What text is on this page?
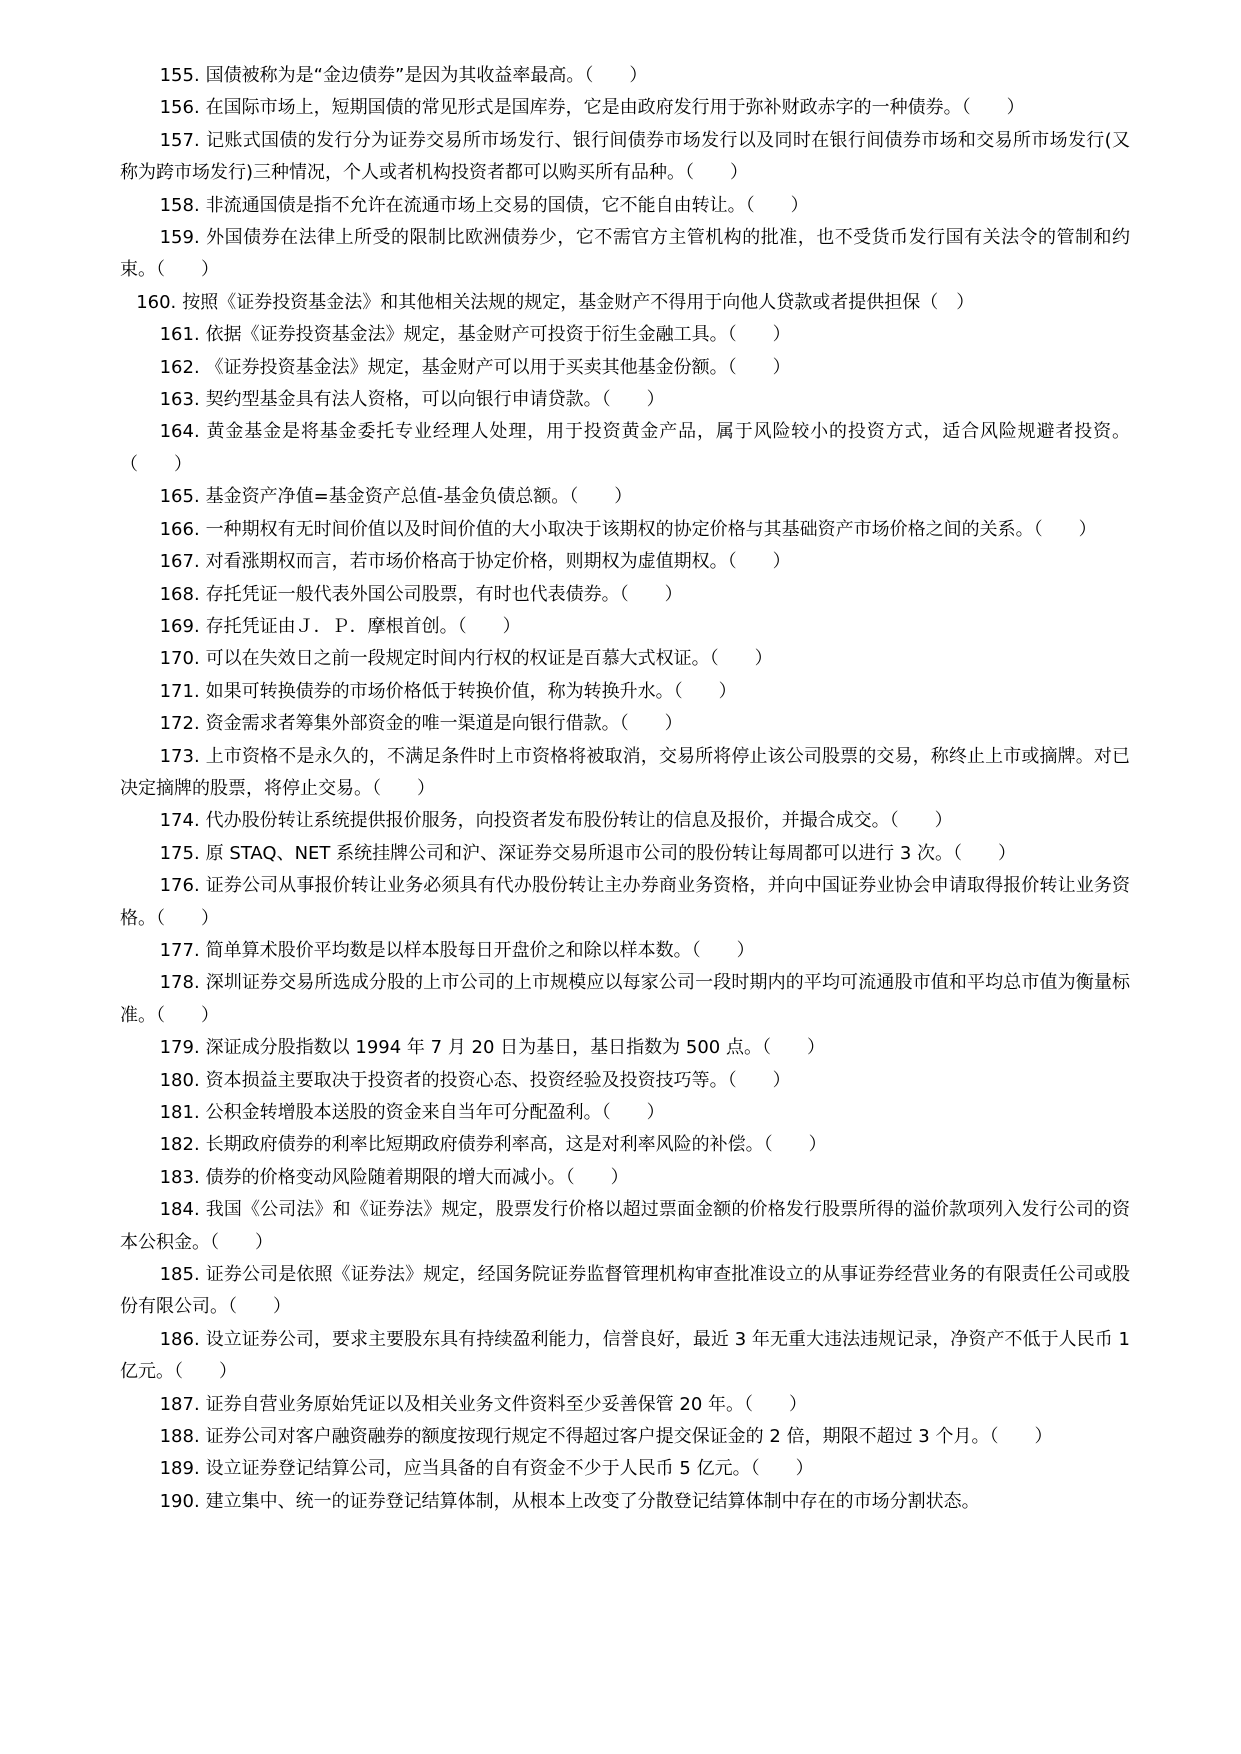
155. 国债被称为是“金边债券”是因为其收益率最高。（　　）

156. 在国际市场上，短期国债的常见形式是国库券，它是由政府发行用于弥补财政赤字的一种债券。（　　）

157. 记账式国债的发行分为证券交易所市场发行、银行间债券市场发行以及同时在银行间债券市场和交易所市场发行(又称为跨市场发行)三种情况，个人或者机构投资者都可以购买所有品种。（　　）

158. 非流通国债是指不允许在流通市场上交易的国债，它不能自由转让。（　　）

159. 外国债券在法律上所受的限制比欧洲债券少，它不需官方主管机构的批准，也不受货币发行国有关法令的管制和约束。（　　）

160. 按照《证券投资基金法》和其他相关法规的规定，基金财产不得用于向他人贷款或者提供担保（　）

161. 依据《证券投资基金法》规定，基金财产可投资于衍生金融工具。（　　）

162. 《证券投资基金法》规定，基金财产可以用于买卖其他基金份额。（　　）

163. 契约型基金具有法人资格，可以向银行申请贷款。（　　）

164. 黄金基金是将基金委托专业经理人处理，用于投资黄金产品，属于风险较小的投资方式，适合风险规避者投资。（　　）

165. 基金资产净值=基金资产总值-基金负债总额。（　　）

166. 一种期权有无时间价值以及时间价值的大小取决于该期权的协定价格与其基础资产市场价格之间的关系。（　　）

167. 对看涨期权而言，若市场价格高于协定价格，则期权为虚值期权。（　　）

168. 存托凭证一般代表外国公司股票，有时也代表债券。（　　）

169. 存托凭证由Ｊ．Ｐ．摩根首创。（　　）

170. 可以在失效日之前一段规定时间内行权的权证是百慕大式权证。（　　）

171. 如果可转换债券的市场价格低于转换价值，称为转换升水。（　　）

172. 资金需求者筹集外部资金的唯一渠道是向银行借款。（　　）

173. 上市资格不是永久的，不满足条件时上市资格将被取消，交易所将停止该公司股票的交易，称终止上市或摘牌。对已决定摘牌的股票，将停止交易。（　　）

174. 代办股份转让系统提供报价服务，向投资者发布股份转让的信息及报价，并撮合成交。（　　）

175. 原 STAQ、NET 系统挂牌公司和沪、深证券交易所退市公司的股份转让每周都可以进行 3 次。（　　）

176. 证券公司从事报价转让业务必须具有代办股份转让主办券商业务资格，并向中国证券业协会申请取得报价转让业务资格。（　　）

177. 简单算术股价平均数是以样本股每日开盘价之和除以样本数。（　　）

178. 深圳证券交易所选成分股的上市公司的上市规模应以每家公司一段时期内的平均可流通股市值和平均总市值为衡量标准。（　　）

179. 深证成分股指数以 1994 年 7 月 20 日为基日，基日指数为 500 点。（　　）

180. 资本损益主要取决于投资者的投资心态、投资经验及投资技巧等。（　　）

181. 公积金转增股本送股的资金来自当年可分配盈利。（　　）

182. 长期政府债券的利率比短期政府债券利率高，这是对利率风险的补偿。（　　）

183. 债券的价格变动风险随着期限的增大而减小。（　　）

184. 我国《公司法》和《证券法》规定，股票发行价格以超过票面金额的价格发行股票所得的溢价款项列入发行公司的资本公积金。（　　）

185. 证券公司是依照《证券法》规定，经国务院证券监督管理机构审查批准设立的从事证券经营业务的有限责任公司或股份有限公司。（　　）

186. 设立证券公司，要求主要股东具有持续盈利能力，信誉良好，最近 3 年无重大违法违规记录，净资产不低于人民币 1 亿元。（　　）

187. 证券自营业务原始凭证以及相关业务文件资料至少妥善保管 20 年。（　　）

188. 证券公司对客户融资融券的额度按现行规定不得超过客户提交保证金的 2 倍，期限不超过 3 个月。（　　）

189. 设立证券登记结算公司，应当具备的自有资金不少于人民币 5 亿元。（　　）

190. 建立集中、统一的证券登记结算体制，从根本上改变了分散登记结算体制中存在的市场分割状态。
